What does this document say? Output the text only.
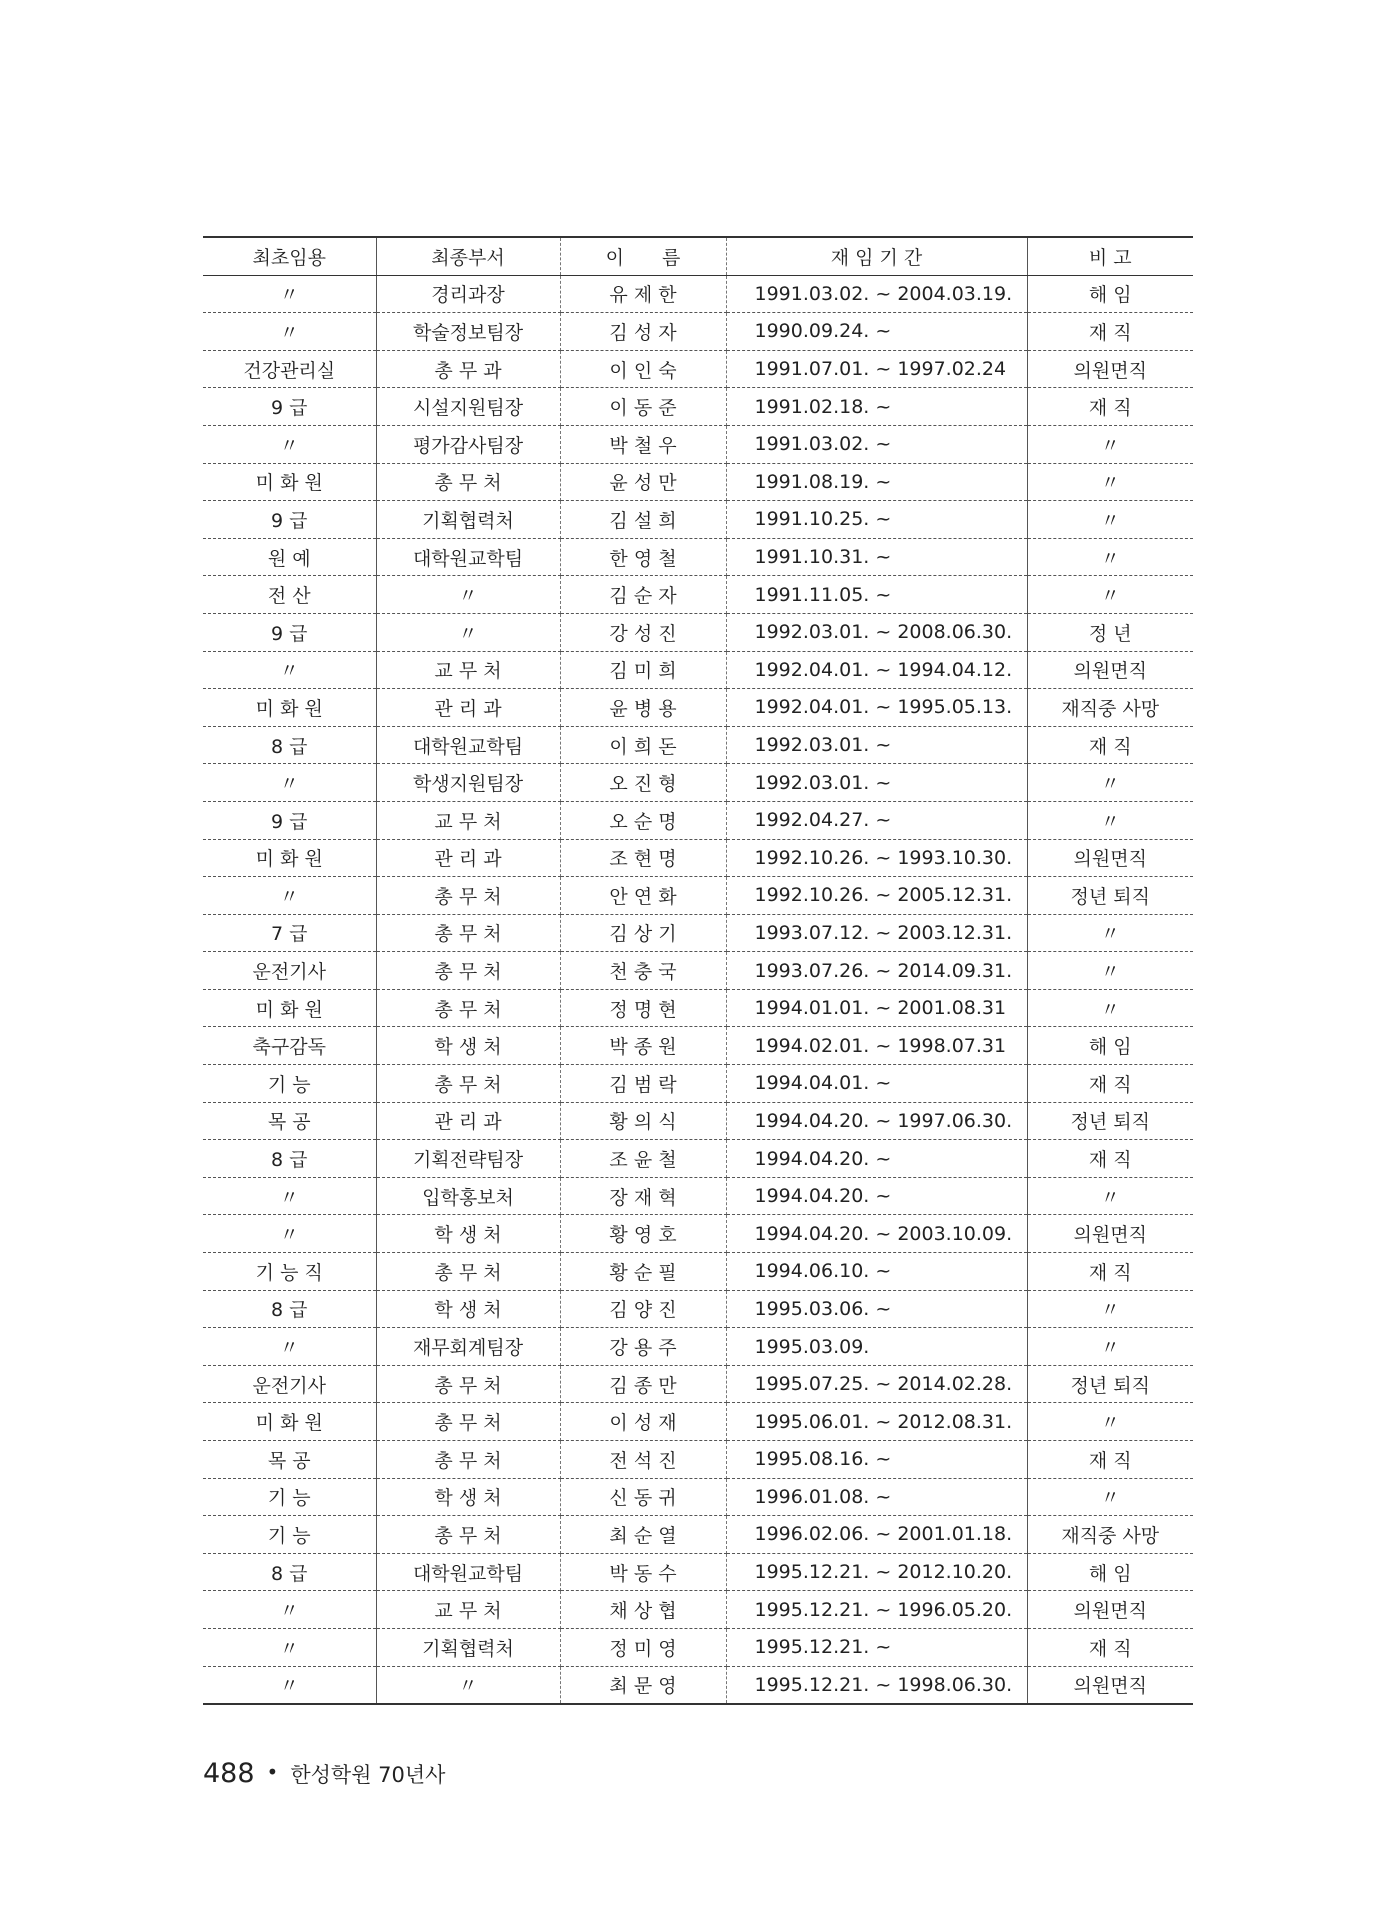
최초임용	최종부서	이　　름	재 임 기 간	비 고
〃	경리과장	유 제 한	1991.03.02. ~ 2004.03.19.	해 임
〃	학술정보팀장	김 성 자	1990.09.24. ~	재 직
건강관리실	총 무 과	이 인 숙	1991.07.01. ~ 1997.02.24	의원면직
9 급	시설지원팀장	이 동 준	1991.02.18. ~	재 직
〃	평가감사팀장	박 철 우	1991.03.02. ~	〃
미 화 원	총 무 처	윤 성 만	1991.08.19. ~	〃
9 급	기획협력처	김 설 희	1991.10.25. ~	〃
원 예	대학원교학팀	한 영 철	1991.10.31. ~	〃
전 산	〃	김 순 자	1991.11.05. ~	〃
9 급	〃	강 성 진	1992.03.01. ~ 2008.06.30.	정 년
〃	교 무 처	김 미 희	1992.04.01. ~ 1994.04.12.	의원면직
미 화 원	관 리 과	윤 병 용	1992.04.01. ~ 1995.05.13.	재직중 사망
8 급	대학원교학팀	이 희 돈	1992.03.01. ~	재 직
〃	학생지원팀장	오 진 형	1992.03.01. ~	〃
9 급	교 무 처	오 순 명	1992.04.27. ~	〃
미 화 원	관 리 과	조 현 명	1992.10.26. ~ 1993.10.30.	의원면직
〃	총 무 처	안 연 화	1992.10.26. ~ 2005.12.31.	정년 퇴직
7 급	총 무 처	김 상 기	1993.07.12. ~ 2003.12.31.	〃
운전기사	총 무 처	천 충 국	1993.07.26. ~ 2014.09.31.	〃
미 화 원	총 무 처	정 명 현	1994.01.01. ~ 2001.08.31	〃
축구감독	학 생 처	박 종 원	1994.02.01. ~ 1998.07.31	해 임
기 능	총 무 처	김 범 락	1994.04.01. ~	재 직
목 공	관 리 과	황 의 식	1994.04.20. ~ 1997.06.30.	정년 퇴직
8 급	기획전략팀장	조 윤 철	1994.04.20. ~	재 직
〃	입학홍보처	장 재 혁	1994.04.20. ~	〃
〃	학 생 처	황 영 호	1994.04.20. ~ 2003.10.09.	의원면직
기 능 직	총 무 처	황 순 필	1994.06.10. ~	재 직
8 급	학 생 처	김 양 진	1995.03.06. ~	〃
〃	재무회계팀장	강 용 주	1995.03.09.	〃
운전기사	총 무 처	김 종 만	1995.07.25. ~ 2014.02.28.	정년 퇴직
미 화 원	총 무 처	이 성 재	1995.06.01. ~ 2012.08.31.	〃
목 공	총 무 처	전 석 진	1995.08.16. ~	재 직
기 능	학 생 처	신 동 귀	1996.01.08. ~	〃
기 능	총 무 처	최 순 열	1996.02.06. ~ 2001.01.18.	재직중 사망
8 급	대학원교학팀	박 동 수	1995.12.21. ~ 2012.10.20.	해 임
〃	교 무 처	채 상 협	1995.12.21. ~ 1996.05.20.	의원면직
〃	기획협력처	정 미 영	1995.12.21. ~	재 직
〃	〃	최 문 영	1995.12.21. ~ 1998.06.30.	의원면직
488 • 한성학원 70년사
